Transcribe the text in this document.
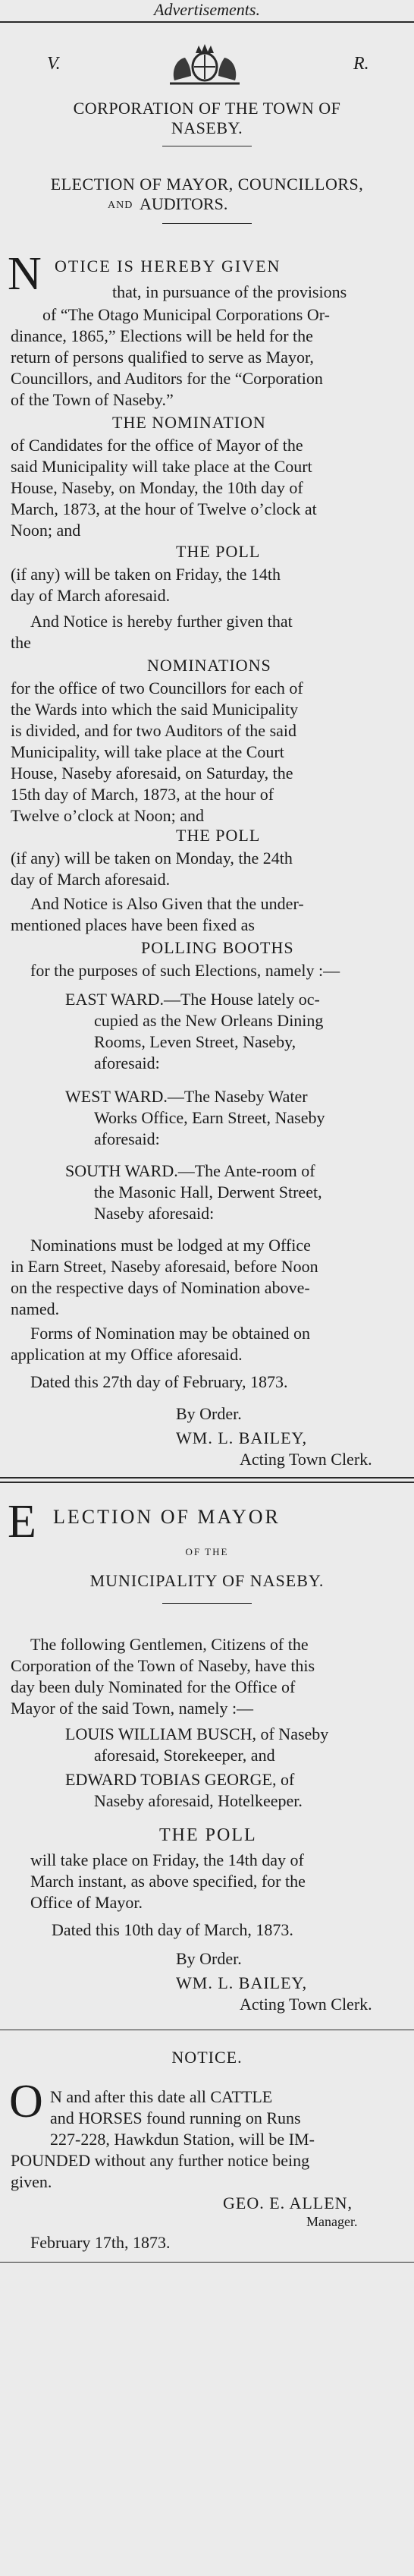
Advertisements.
V.	R.
CORPORATION OF THE TOWN OF
NASEBY.
ELECTION OF MAYOR, COUNCILLORS,
AND AUDITORS.
N OTICE IS HEREBY GIVEN
that, in pursuance of the provisions
of “The Otago Municipal Corporations Or-
dinance, 1865,” Elections will be held for the
return of persons qualified to serve as Mayor,
Councillors, and Auditors for the “Corporation
of the Town of Naseby.”
THE NOMINATION
of Candidates for the office of Mayor of the
said Municipality will take place at the Court
House, Naseby, on Monday, the 10th day of
March, 1873, at the hour of Twelve o’clock at
Noon; and
THE POLL
(if any) will be taken on Friday, the 14th
day of March aforesaid.
And Notice is hereby further given that
the
NOMINATIONS
for the office of two Councillors for each of
the Wards into which the said Municipality
is divided, and for two Auditors of the said
Municipality, will take place at the Court
House, Naseby aforesaid, on Saturday, the
15th day of March, 1873, at the hour of
Twelve o’clock at Noon; and
THE POLL
(if any) will be taken on Monday, the 24th
day of March aforesaid.
And Notice is Also Given that the under-
mentioned places have been fixed as
POLLING BOOTHS
for the purposes of such Elections, namely :—
EAST WARD.—The House lately oc-
cupied as the New Orleans Dining
Rooms, Leven Street, Naseby,
aforesaid:
WEST WARD.—The Naseby Water
Works Office, Earn Street, Naseby
aforesaid:
SOUTH WARD.—The Ante-room of
the Masonic Hall, Derwent Street,
Naseby aforesaid:
Nominations must be lodged at my Office
in Earn Street, Naseby aforesaid, before Noon
on the respective days of Nomination above-
named.
Forms of Nomination may be obtained on
application at my Office aforesaid.
Dated this 27th day of February, 1873.
By Order.
WM. L. BAILEY,
Acting Town Clerk.
E LECTION OF MAYOR
OF THE
MUNICIPALITY OF NASEBY.
The following Gentlemen, Citizens of the
Corporation of the Town of Naseby, have this
day been duly Nominated for the Office of
Mayor of the said Town, namely :—
LOUIS WILLIAM BUSCH, of Naseby
aforesaid, Storekeeper, and
EDWARD TOBIAS GEORGE, of
Naseby aforesaid, Hotelkeeper.
THE POLL
will take place on Friday, the 14th day of
March instant, as above specified, for the
Office of Mayor.
Dated this 10th day of March, 1873.
By Order.
WM. L. BAILEY,
Acting Town Clerk.
NOTICE.
O N and after this date all CATTLE
and HORSES found running on Runs
227-228, Hawkdun Station, will be IM-
POUNDED without any further notice being
given.
GEO. E. ALLEN,
Manager.
February 17th, 1873.
